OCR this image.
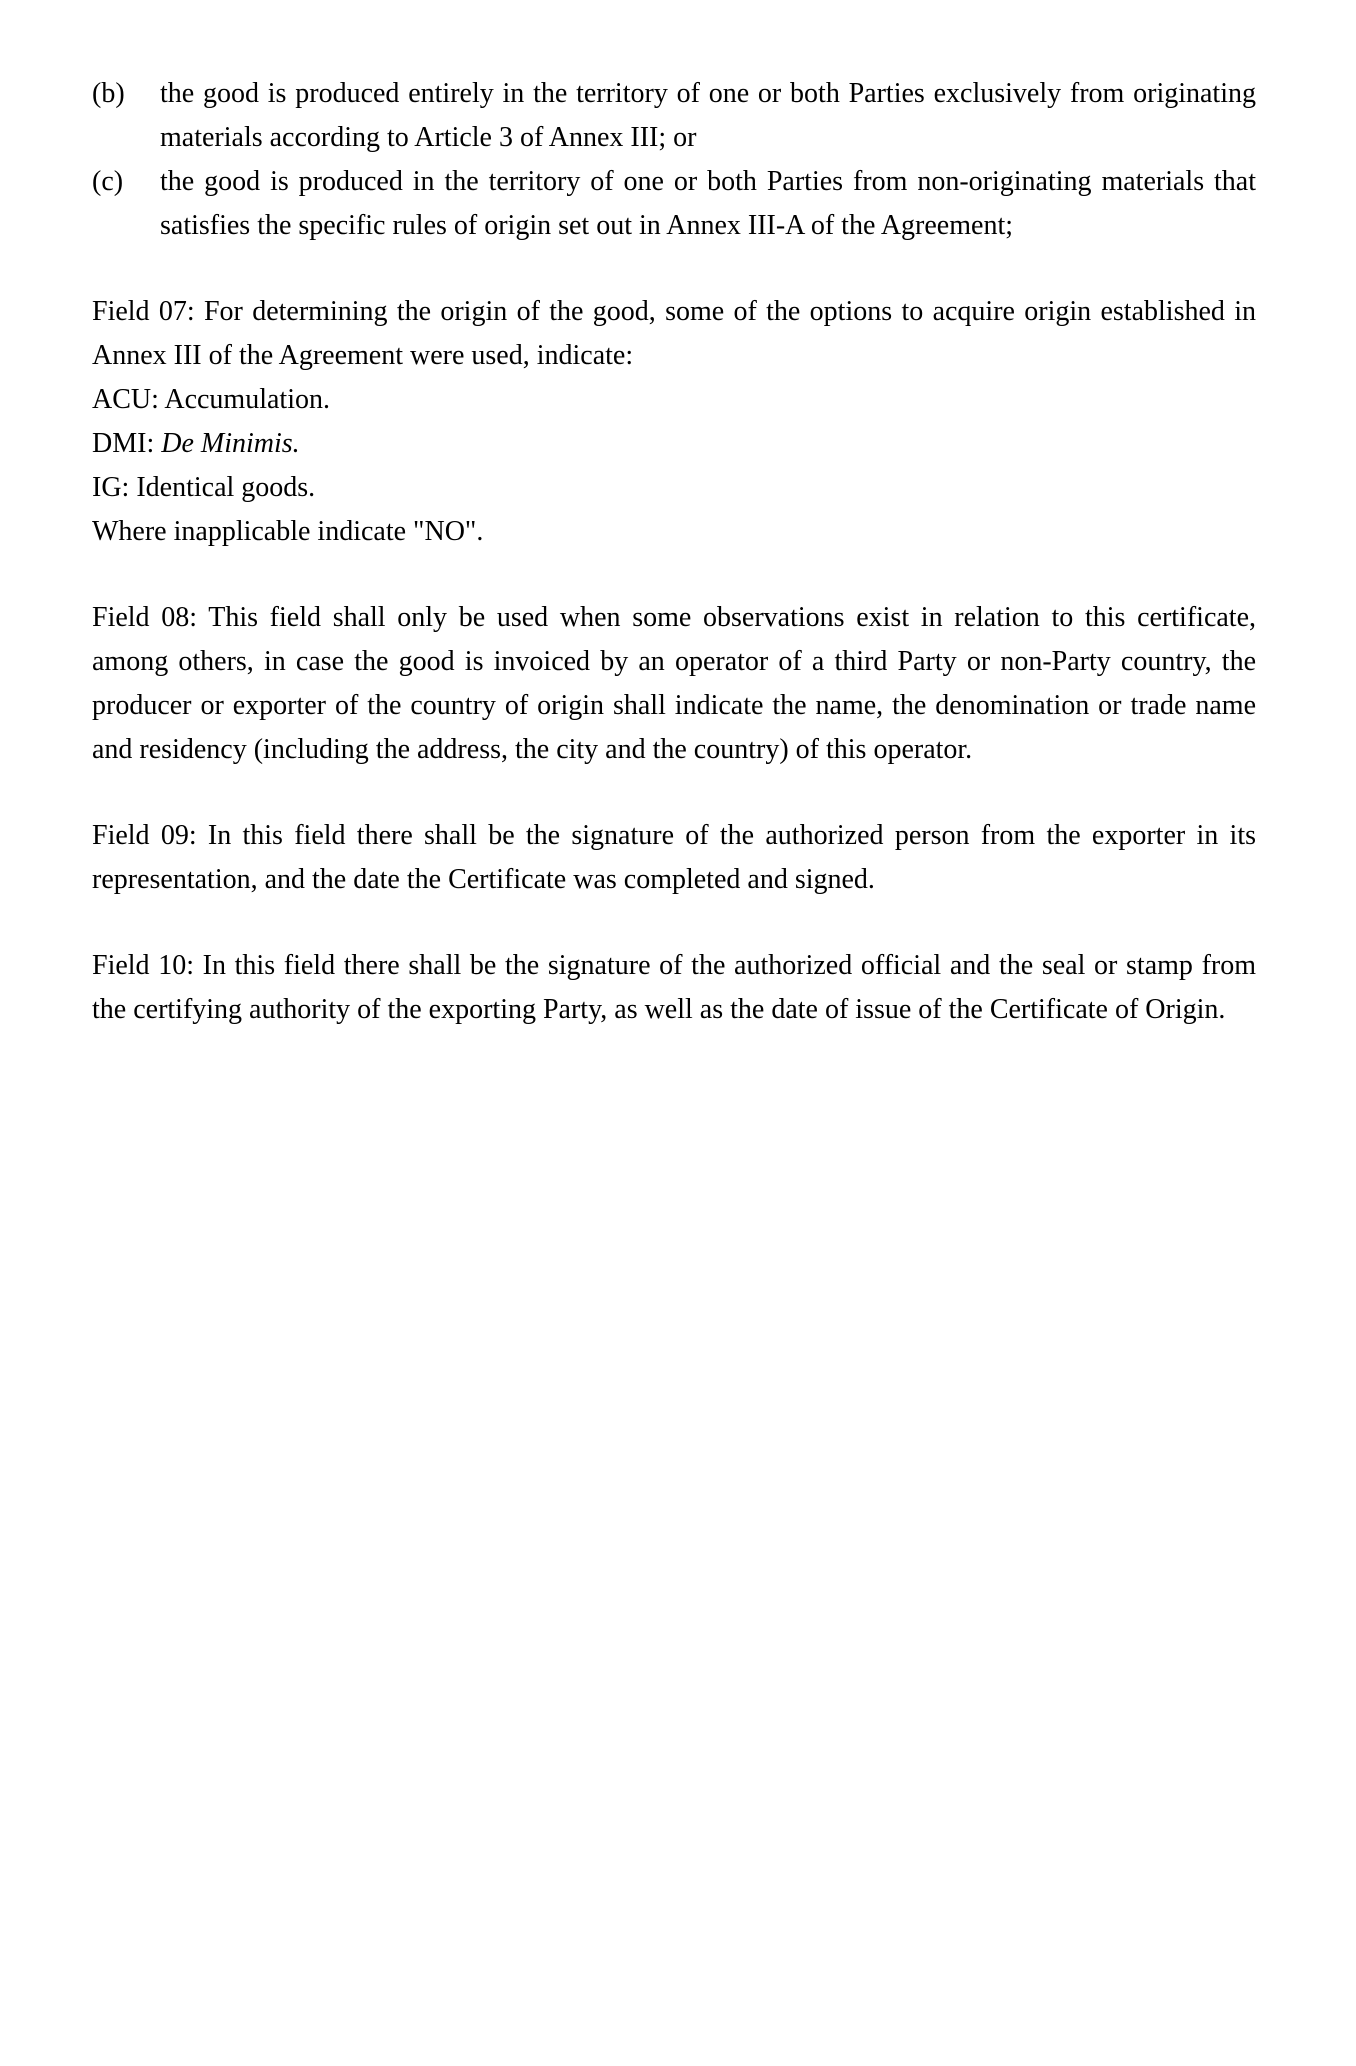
(b)	the good is produced entirely in the territory of one or both Parties exclusively from originating materials according to Article 3 of Annex III; or
(c)	the good is produced in the territory of one or both Parties from non-originating materials that satisfies the specific rules of origin set out in Annex III-A of the Agreement;
Field 07: For determining the origin of the good, some of the options to acquire origin established in Annex III of the Agreement were used, indicate:
ACU: Accumulation.
DMI: De Minimis.
IG: Identical goods.
Where inapplicable indicate "NO".
Field 08: This field shall only be used when some observations exist in relation to this certificate, among others, in case the good is invoiced by an operator of a third Party or non-Party country, the producer or exporter of the country of origin shall indicate the name, the denomination or trade name and residency (including the address, the city and the country) of this operator.
Field 09: In this field there shall be the signature of the authorized person from the exporter in its representation, and the date the Certificate was completed and signed.
Field 10: In this field there shall be the signature of the authorized official and the seal or stamp from the certifying authority of the exporting Party, as well as the date of issue of the Certificate of Origin.
